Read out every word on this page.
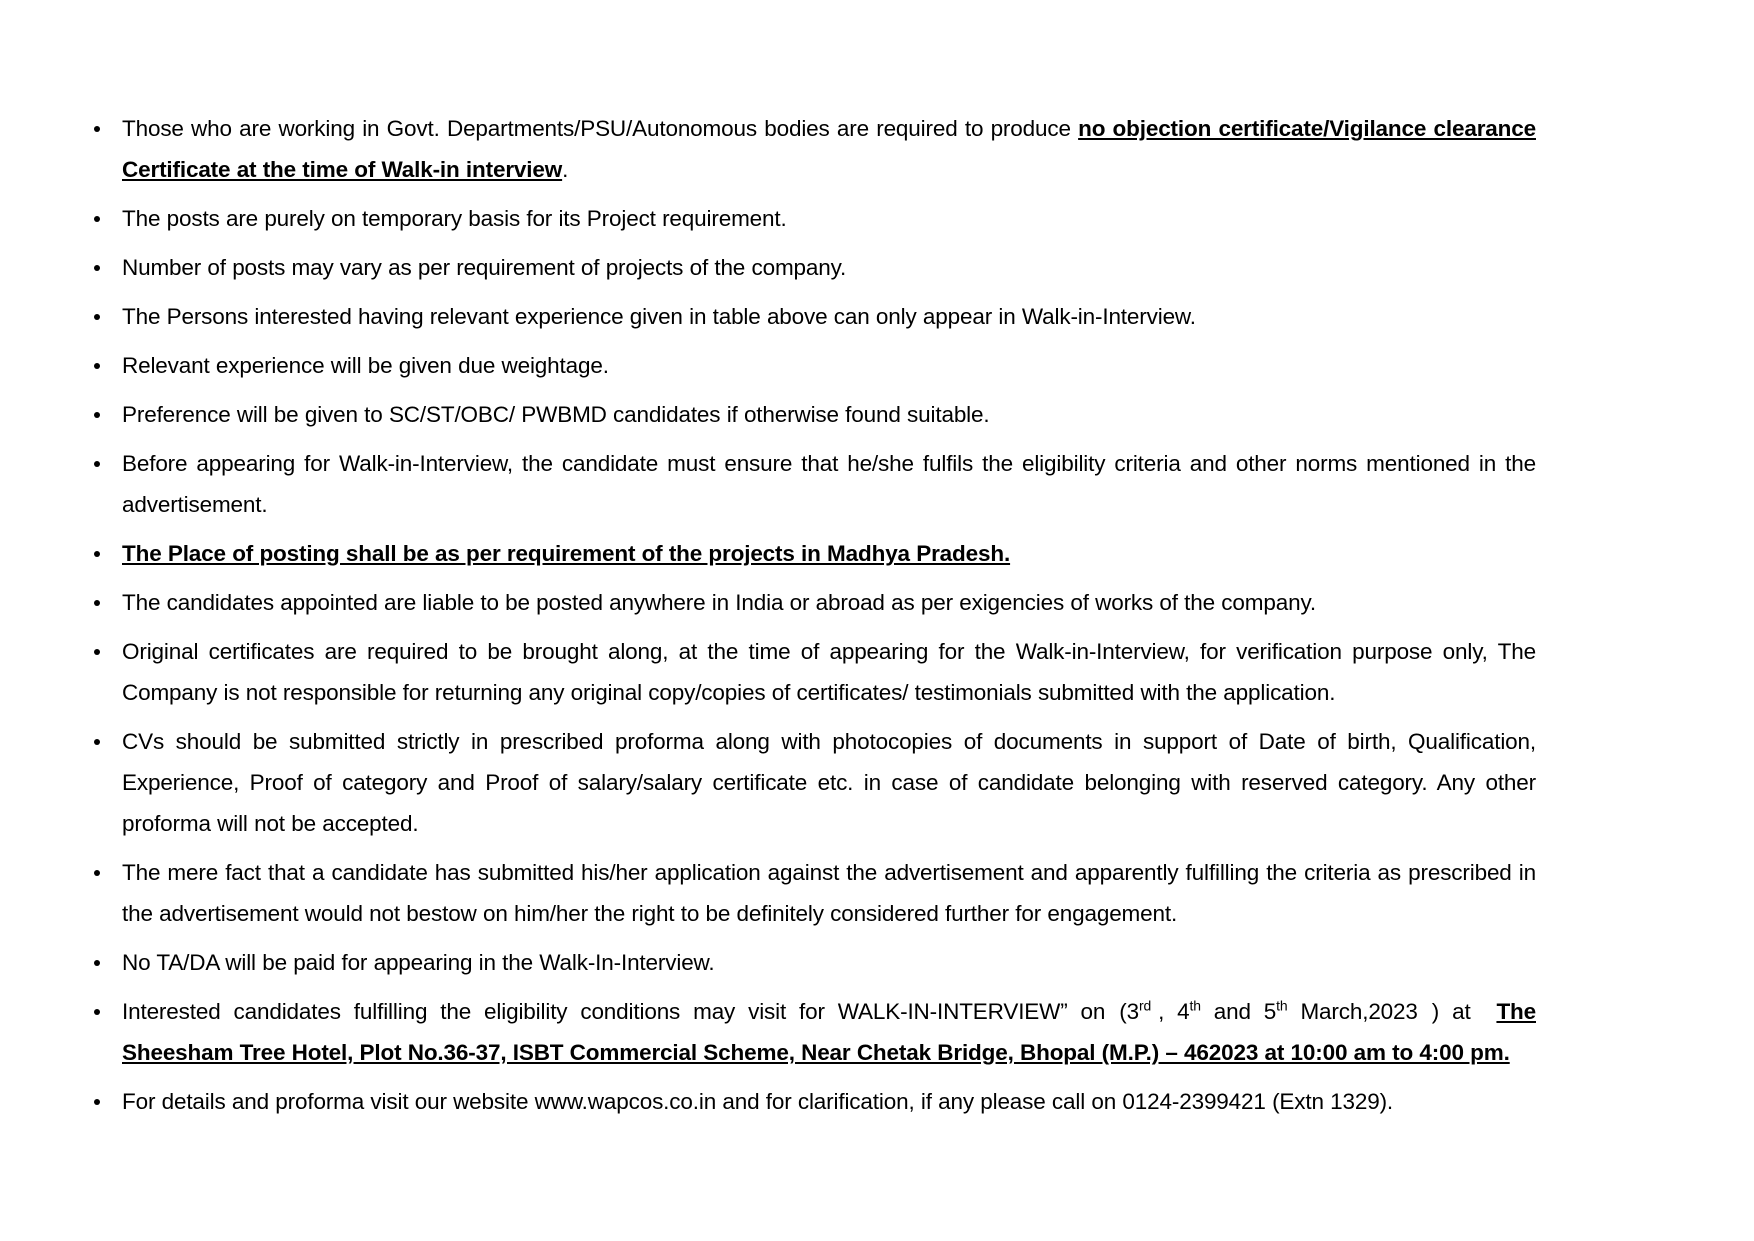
Those who are working in Govt. Departments/PSU/Autonomous bodies are required to produce no objection certificate/Vigilance clearance Certificate at the time of Walk-in interview.
The posts are purely on temporary basis for its Project requirement.
Number of posts may vary as per requirement of projects of the company.
The Persons interested having relevant experience given in table above can only appear in Walk-in-Interview.
Relevant experience will be given due weightage.
Preference will be given to SC/ST/OBC/ PWBMD candidates if otherwise found suitable.
Before appearing for Walk-in-Interview, the candidate must ensure that he/she fulfils the eligibility criteria and other norms mentioned in the advertisement.
The Place of posting shall be as per requirement of the projects in Madhya Pradesh.
The candidates appointed are liable to be posted anywhere in India or abroad as per exigencies of works of the company.
Original certificates are required to be brought along, at the time of appearing for the Walk-in-Interview, for verification purpose only, The Company is not responsible for returning any original copy/copies of certificates/ testimonials submitted with the application.
CVs should be submitted strictly in prescribed proforma along with photocopies of documents in support of Date of birth, Qualification, Experience, Proof of category and Proof of salary/salary certificate etc. in case of candidate belonging with reserved category. Any other proforma will not be accepted.
The mere fact that a candidate has submitted his/her application against the advertisement and apparently fulfilling the criteria as prescribed in the advertisement would not bestow on him/her the right to be definitely considered further for engagement.
No TA/DA will be paid for appearing in the Walk-In-Interview.
Interested candidates fulfilling the eligibility conditions may visit for WALK-IN-INTERVIEW” on (3rd , 4th and 5th March,2023 ) at The Sheesham Tree Hotel, Plot No.36-37, ISBT Commercial Scheme, Near Chetak Bridge, Bhopal (M.P.) – 462023 at 10:00 am to 4:00 pm.
For details and proforma visit our website www.wapcos.co.in and for clarification, if any please call on 0124-2399421 (Extn 1329).
